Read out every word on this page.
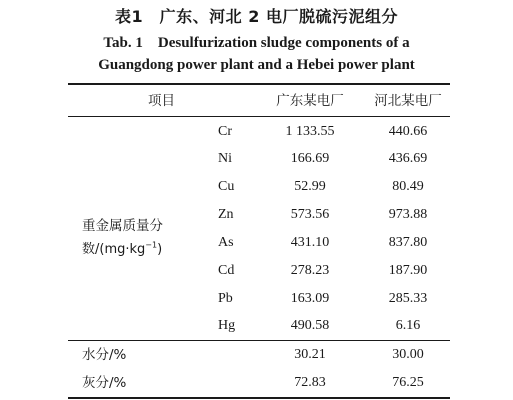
表1　广东、河北 2 电厂脱硫污泥组分
Tab. 1　Desulfurization sludge components of a
Guangdong power plant and a Hebei power plant
项目	广东某电厂	河北某电厂
重金属质量分
数$/(mg\cdot kg^{-1})$
Cr	1 133.55	440.66
Ni	166.69	436.69
Cu	52.99	80.49
Zn	573.56	973.88
As	431.10	837.80
Cd	278.23	187.90
Pb	163.09	285.33
Hg	490.58	6.16
水分/%	30.21	30.00
灰分/%	72.83	76.25
